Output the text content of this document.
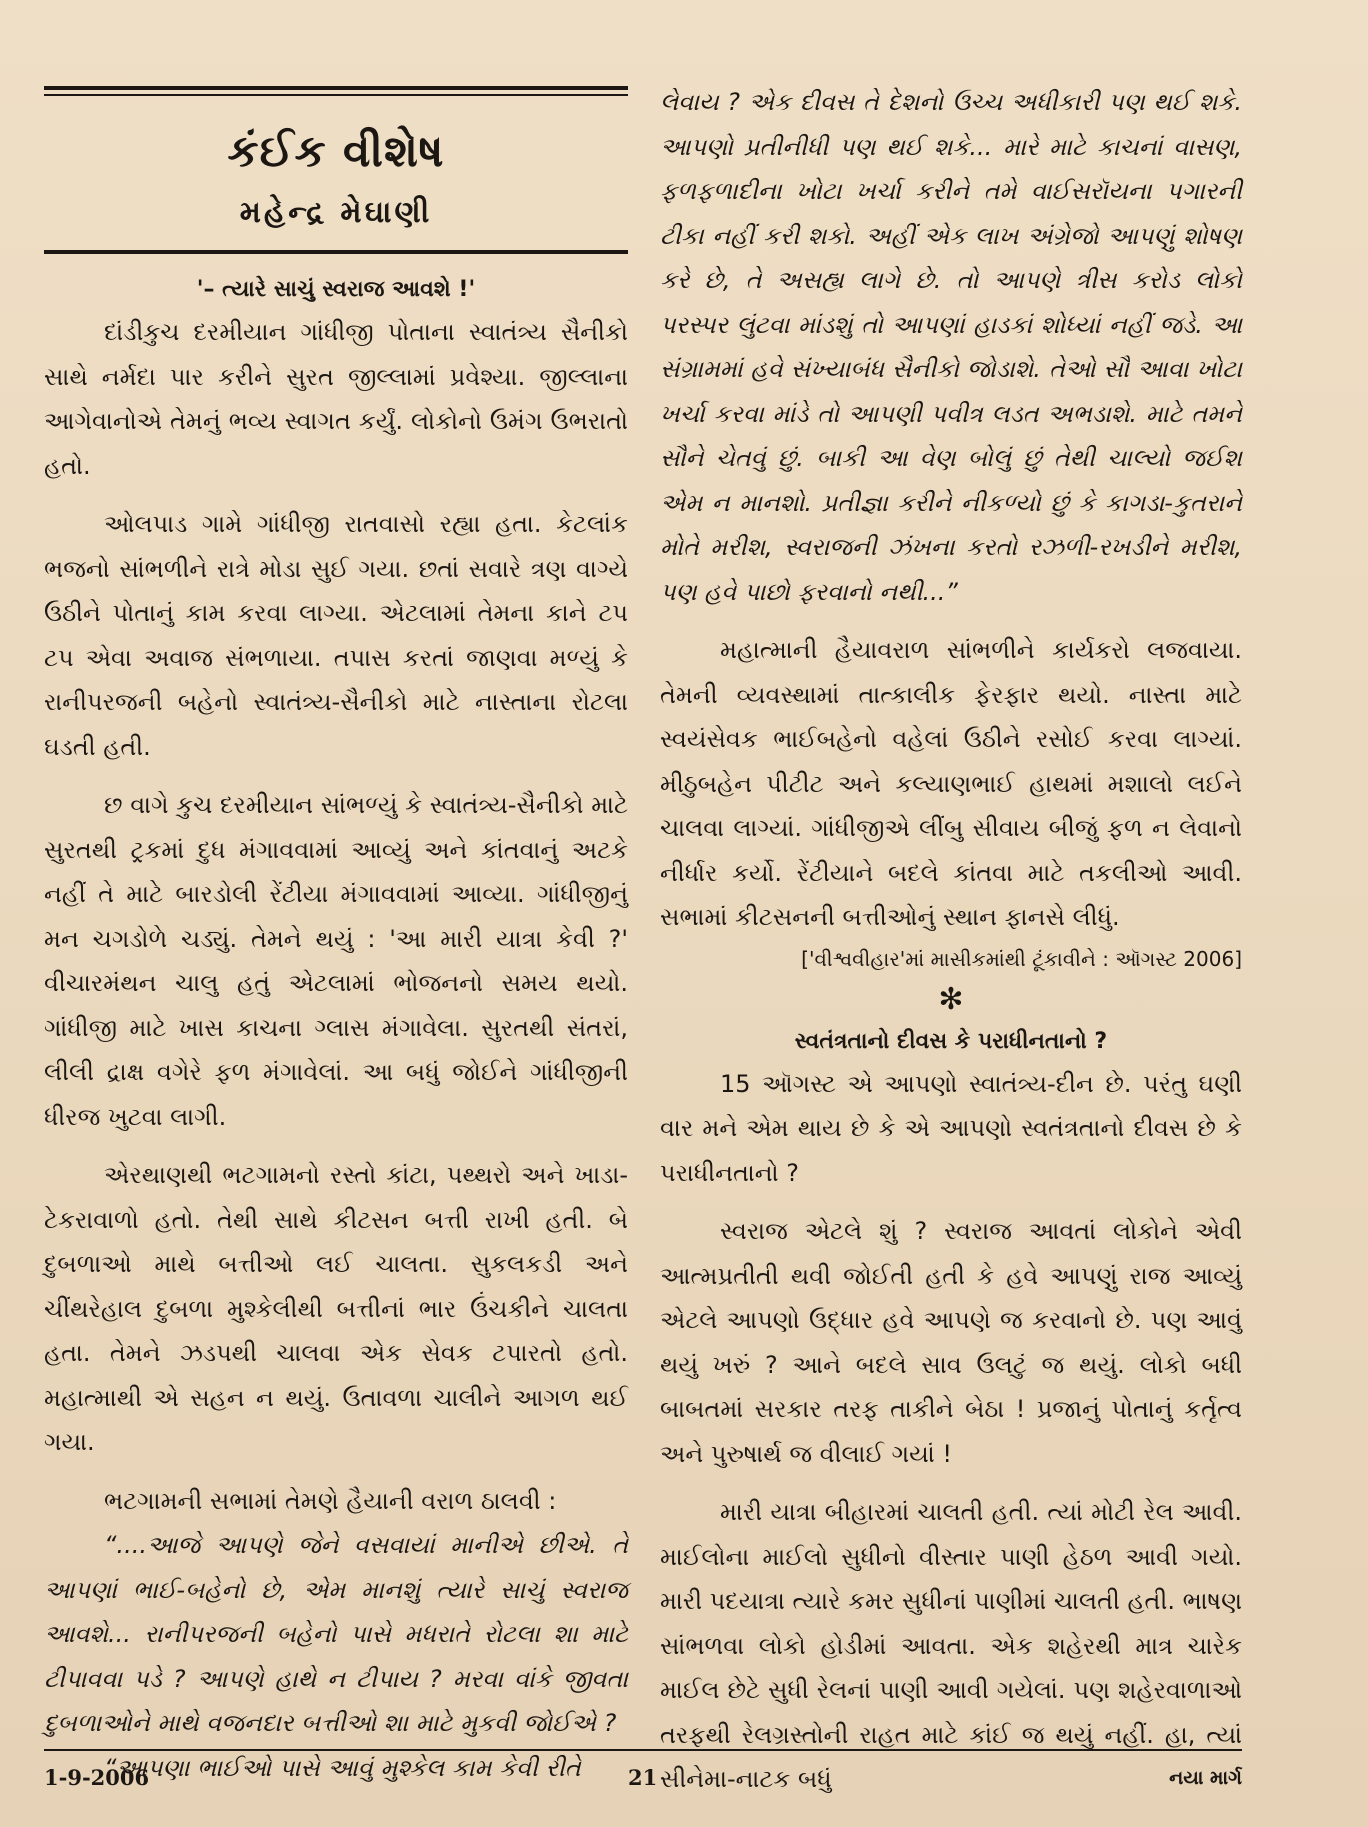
કંઈક વીશેષ
મહેન્દ્ર મેઘાણી

'– ત્યારે સાચું સ્વરાજ આવશે !'

દાંડીકુચ દરમીયાન ગાંધીજી પોતાના સ્વાતંત્ર્ય સૈનીકો સાથે નર્મદા પાર કરીને સુરત જીલ્લામાં પ્રવેશ્યા. જીલ્લાના આગેવાનોએ તેમનું ભવ્ય સ્વાગત કર્યું. લોકોનો ઉમંગ ઉભરાતો હતો.

ઓલપાડ ગામે ગાંધીજી રાતવાસો રહ્યા હતા. કેટલાંક ભજનો સાંભળીને રાત્રે મોડા સુઈ ગયા. છતાં સવારે ત્રણ વાગ્યે ઉઠીને પોતાનું કામ કરવા લાગ્યા. એટલામાં તેમના કાને ટપ ટપ એવા અવાજ સંભળાયા. તપાસ કરતાં જાણવા મળ્યું કે રાનીપરજની બહેનો સ્વાતંત્ર્ય-સૈનીકો માટે નાસ્તાના રોટલા ઘડતી હતી.

છ વાગે કુચ દરમીયાન સાંભળ્યું કે સ્વાતંત્ર્ય-સૈનીકો માટે સુરતથી ટ્રકમાં દુધ મંગાવવામાં આવ્યું અને કાંતવાનું અટકે નહીં તે માટે બારડોલી રેંટીયા મંગાવવામાં આવ્યા. ગાંધીજીનું મન ચગડોળે ચડ્યું. તેમને થયું : 'આ મારી યાત્રા કેવી ?' વીચારમંથન ચાલુ હતું એટલામાં ભોજનનો સમય થયો. ગાંધીજી માટે ખાસ કાચના ગ્લાસ મંગાવેલા. સુરતથી સંતરાં, લીલી દ્રાક્ષ વગેરે ફળ મંગાવેલાં. આ બધું જોઈને ગાંધીજીની ધીરજ ખુટવા લાગી.

એરથાણથી ભટગામનો રસ્તો કાંટા, પથ્થરો અને ખાડા-ટેકરાવાળો હતો. તેથી સાથે કીટસન બત્તી રાખી હતી. બે દુબળાઓ માથે બત્તીઓ લઈ ચાલતા. સુકલકડી અને ચીંથરેહાલ દુબળા મુશ્કેલીથી બત્તીનાં ભાર ઉંચકીને ચાલતા હતા. તેમને ઝડપથી ચાલવા એક સેવક ટપારતો હતો. મહાત્માથી એ સહન ન થયું. ઉતાવળા ચાલીને આગળ થઈ ગયા.

ભટગામની સભામાં તેમણે હૈયાની વરાળ ઠાલવી :

“....આજે આપણે જેને વસવાયાં માનીએ છીએ. તે આપણાં ભાઈ-બહેનો છે, એમ માનશું ત્યારે સાચું સ્વરાજ આવશે... રાનીપરજની બહેનો પાસે મધરાતે રોટલા શા માટે ટીપાવવા પડે ? આપણે હાથે ન ટીપાય ? મરવા વાંકે જીવતા દુબળાઓને માથે વજનદાર બત્તીઓ શા માટે મુકવી જોઈએ ?

“આપણા ભાઈઓ પાસે આવું મુશ્કેલ કામ કેવી રીતે

લેવાય ? એક દીવસ તે દેશનો ઉચ્ચ અધીકારી પણ થઈ શકે. આપણો પ્રતીનીધી પણ થઈ શકે... મારે માટે કાચનાં વાસણ, ફળફળાદીના ખોટા ખર્ચા કરીને તમે વાઈસરૉયના પગારની ટીકા નહીં કરી શકો. અહીં એક લાખ અંગ્રેજો આપણું શોષણ કરે છે, તે અસહ્ય લાગે છે. તો આપણે ત્રીસ કરોડ લોકો પરસ્પર લુંટવા માંડશું તો આપણાં હાડકાં શોધ્યાં નહીં જડે. આ સંગ્રામમાં હવે સંખ્યાબંધ સૈનીકો જોડાશે. તેઓ સૌ આવા ખોટા ખર્ચા કરવા માંડે તો આપણી પવીત્ર લડત અભડાશે. માટે તમને સૌને ચેતવું છું. બાકી આ વેણ બોલું છું તેથી ચાલ્યો જઈશ એમ ન માનશો. પ્રતીજ્ઞા કરીને નીકળ્યો છું કે કાગડા-કુતરાને મોતે મરીશ, સ્વરાજની ઝંખના કરતો રઝળી-રખડીને મરીશ, પણ હવે પાછો ફરવાનો નથી...”

મહાત્માની હૈયાવરાળ સાંભળીને કાર્યકરો લજવાયા. તેમની વ્યવસ્થામાં તાત્કાલીક ફેરફાર થયો. નાસ્તા માટે સ્વયંસેવક ભાઈબહેનો વહેલાં ઉઠીને રસોઈ કરવા લાગ્યાં. મીઠુબહેન પીટીટ અને કલ્યાણભાઈ હાથમાં મશાલો લઈને ચાલવા લાગ્યાં. ગાંધીજીએ લીંબુ સીવાય બીજું ફળ ન લેવાનો નીર્ધાર કર્યો. રેંટીયાને બદલે કાંતવા માટે તકલીઓ આવી. સભામાં કીટસનની બત્તીઓનું સ્થાન ફાનસે લીધું.

['વીશ્વવીહાર'માં માસીકમાંથી ટૂંકાવીને : ઑગસ્ટ 2006]

✻

સ્વતંત્રતાનો દીવસ કે પરાધીનતાનો ?

15 ઑગસ્ટ એ આપણો સ્વાતંત્ર્ય-દીન છે. પરંતુ ઘણી વાર મને એમ થાય છે કે એ આપણો સ્વતંત્રતાનો દીવસ છે કે પરાધીનતાનો ?

સ્વરાજ એટલે શું ? સ્વરાજ આવતાં લોકોને એવી આત્મપ્રતીતી થવી જોઈતી હતી કે હવે આપણું રાજ આવ્યું એટલે આપણો ઉદ્ધાર હવે આપણે જ કરવાનો છે. પણ આવું થયું ખરું ? આને બદલે સાવ ઉલટું જ થયું. લોકો બધી બાબતમાં સરકાર તરફ તાકીને બેઠા ! પ્રજાનું પોતાનું કર્તૃત્વ અને પુરુષાર્થ જ વીલાઈ ગયાં !

મારી યાત્રા બીહારમાં ચાલતી હતી. ત્યાં મોટી રેલ આવી. માઈલોના માઈલો સુધીનો વીસ્તાર પાણી હેઠળ આવી ગયો. મારી પદયાત્રા ત્યારે કમર સુધીનાં પાણીમાં ચાલતી હતી. ભાષણ સાંભળવા લોકો હોડીમાં આવતા. એક શહેરથી માત્ર ચારેક માઈલ છેટે સુધી રેલનાં પાણી આવી ગયેલાં. પણ શહેરવાળાઓ તરફથી રેલગ્રસ્તોની રાહત માટે કાંઈ જ થયું નહીં. હા, ત્યાં સીનેમા-નાટક બધું

1-9-2006	21	નયા માર્ગ
